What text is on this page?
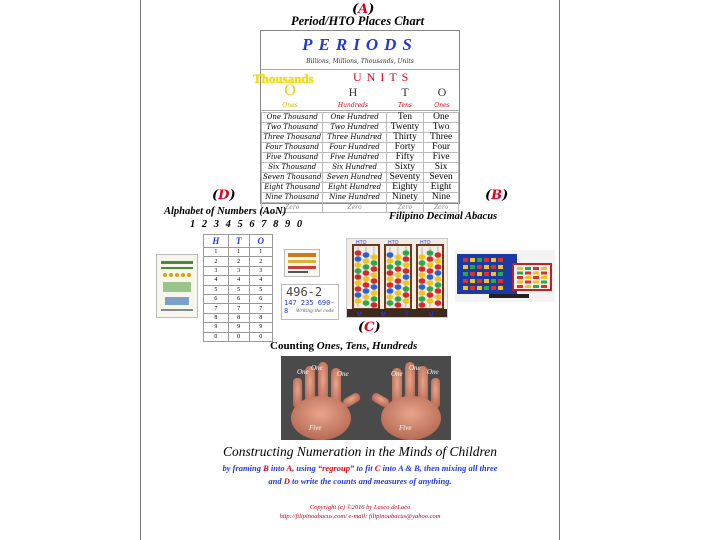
(A)
Period/HTO Places Chart
PERIODS
Billions, Millions, Thousands, Units
UNITS
O	H	T	O
Ones	Hundreds	Tens	Ones
One Thousand	One Hundred	Ten	One
Two Thousand	Two Hundred	Twenty	Two
Three Thousand	Three Hundred	Thirty	Three
Four Thousand	Four Hundred	Forty	Four
Five Thousand	Five Hundred	Fifty	Five
Six Thousand	Six Hundred	Sixty	Six
Seven Thousand	Seven Hundred	Seventy	Seven
Eight Thousand	Eight Hundred	Eighty	Eight
Nine Thousand	Nine Hundred	Ninety	Nine
Zero	Zero	Zero	Zero
Thousands
(D)
Alphabet of Numbers (AoN)
1 2 3 4 5 6 7 8 9 0
H	T	O
1	1	1
2	2	2
3	3	3
4	4	4
5	5	5
6	6	6
7	7	7
8	8	8
9	9	9
0	0	0
496-2
147 235 690-8	Writing the code
(B)
Filipino Decimal Abacus
HTO	HTO	HTO
M	M	T	U
(C)
Counting Ones, Tens, Hundreds
One One
One	One
One One
Five	Five
Constructing Numeration in the Minds of Children
by framing B into A, using “regroup” to fit C into A & B, then mixing all three
and D to write the counts and measures of anything.
Copyright (c) ©2016 by Lasco deLaco
http://filipinoabacus.com/ e-mail: filipinoabacus@yahoo.com
